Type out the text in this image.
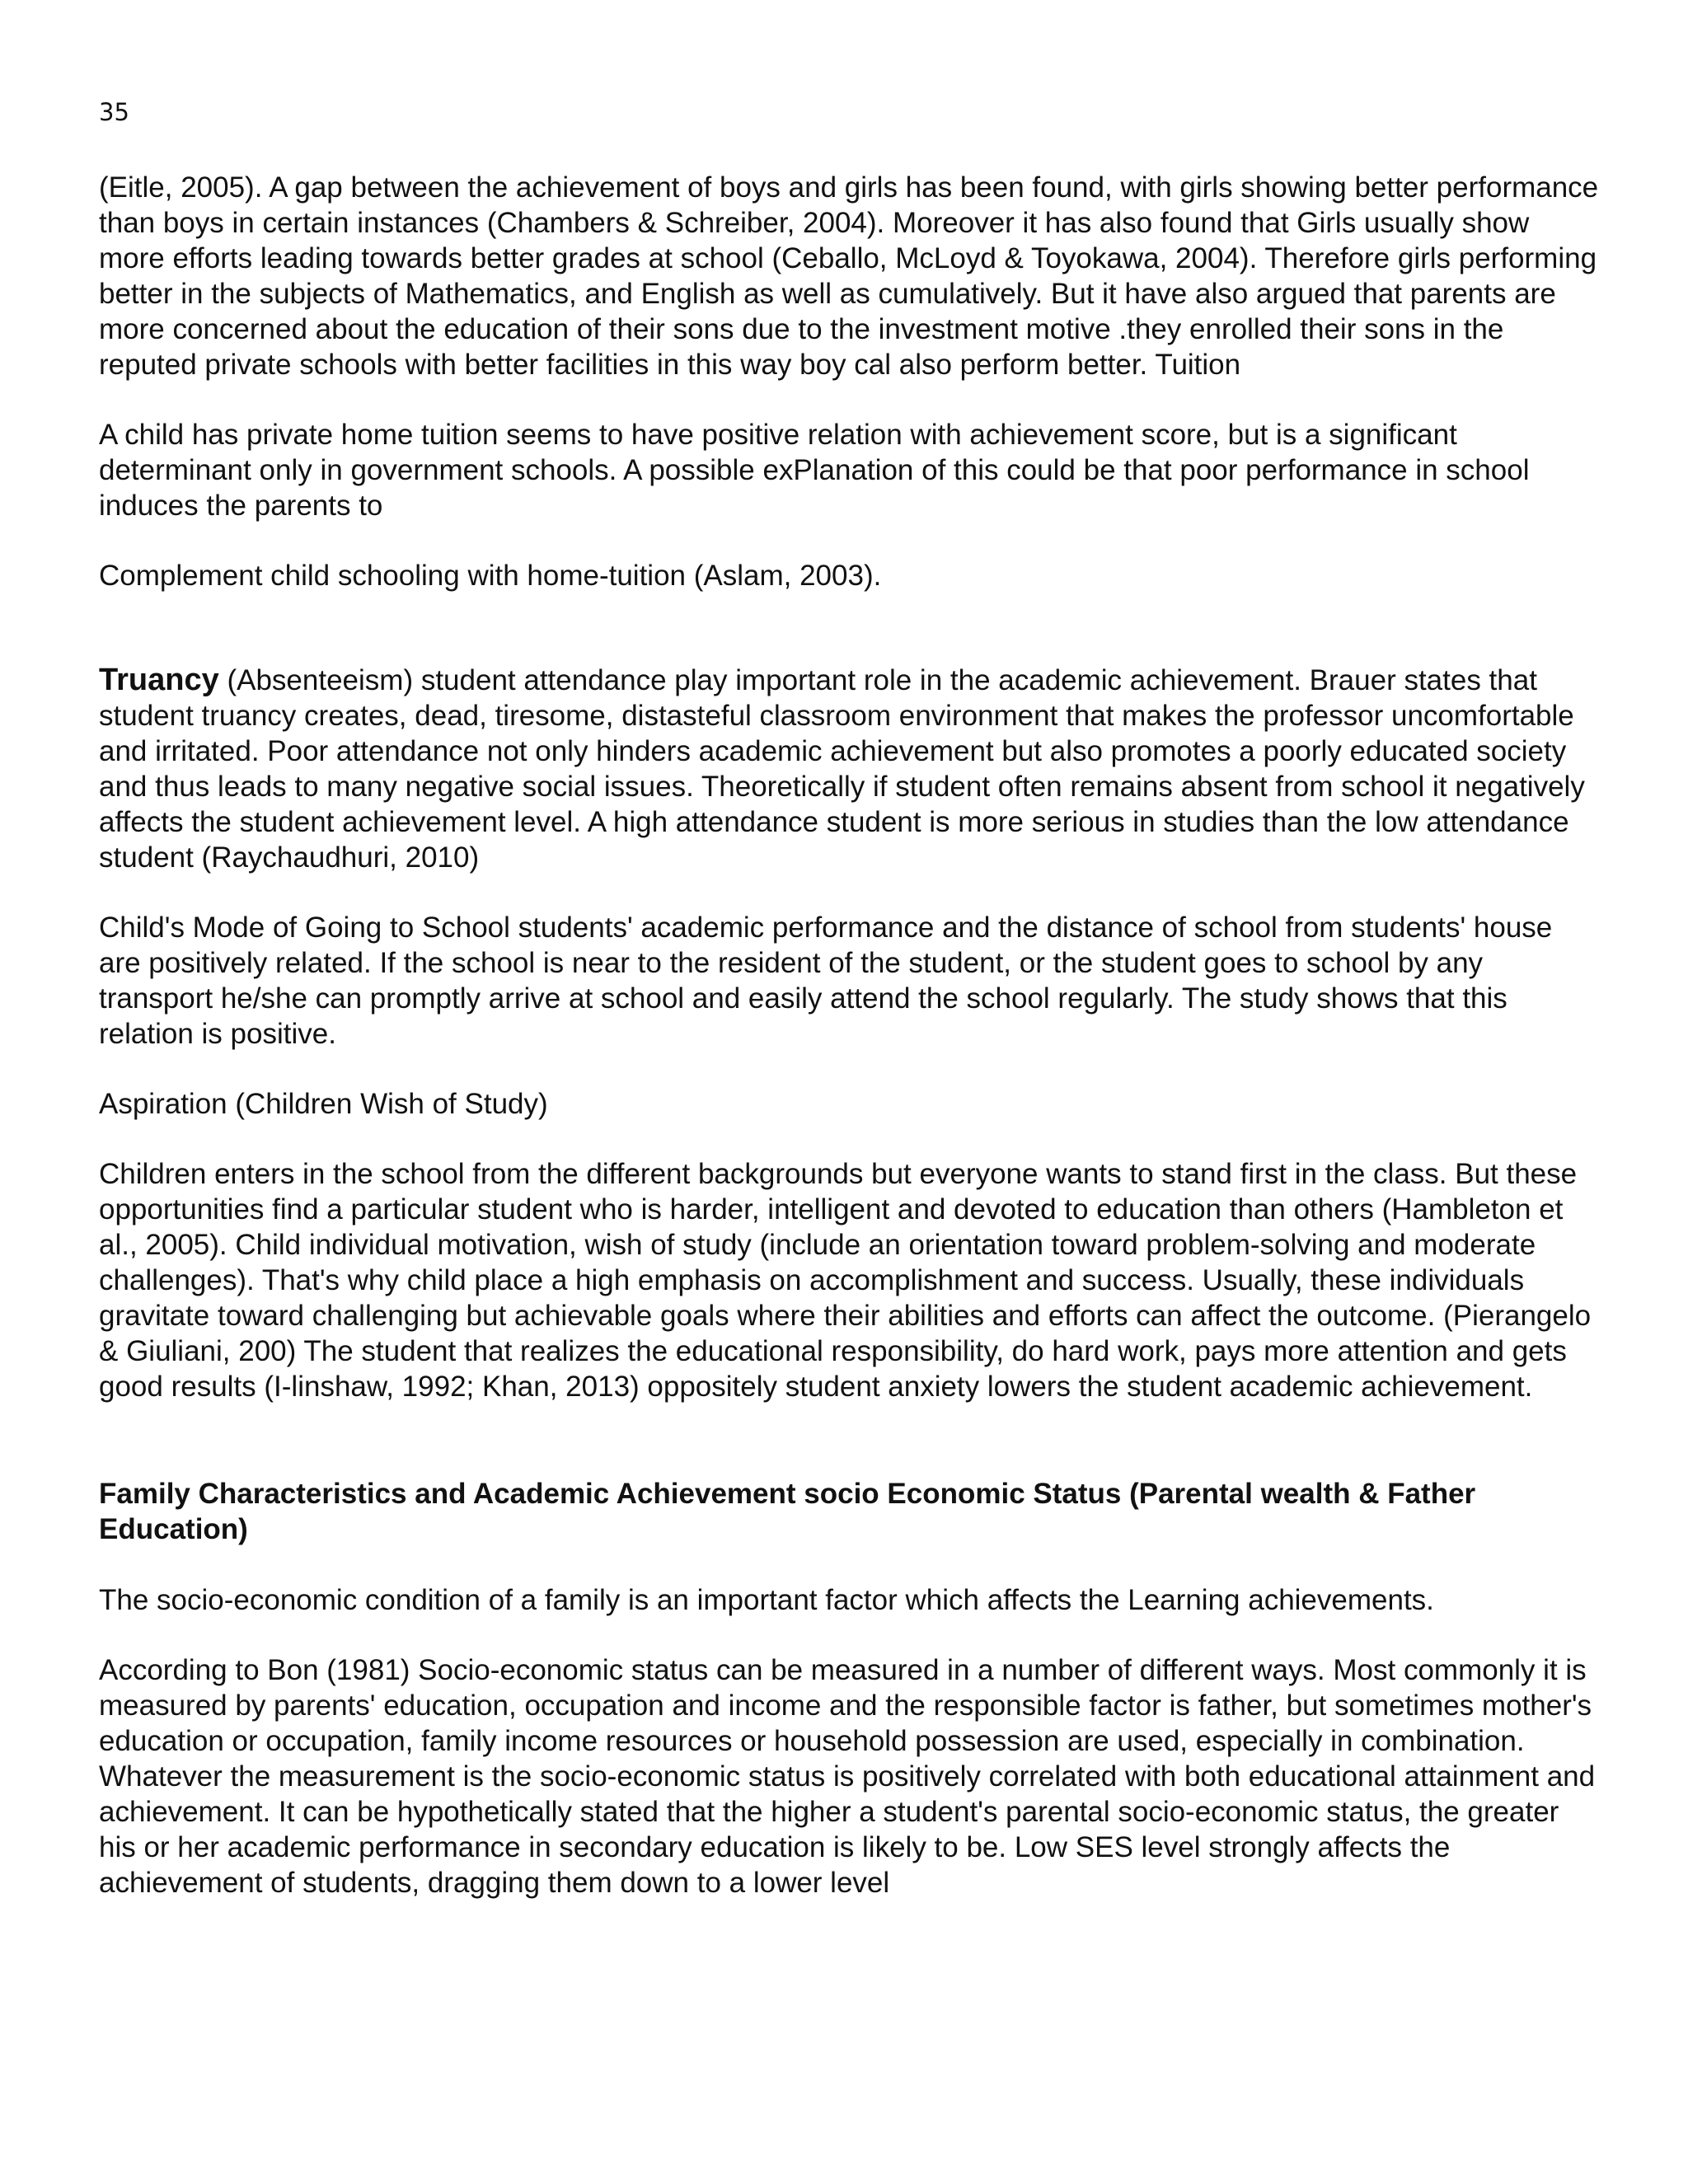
35

(Eitle, 2005). A gap between the achievement of boys and girls has been found, with girls showing better performance than boys in certain instances (Chambers & Schreiber, 2004). Moreover it has also found that Girls usually show more efforts leading towards better grades at school (Ceballo, McLoyd & Toyokawa, 2004). Therefore girls performing better in the subjects of Mathematics, and English as well as cumulatively. But it have also argued that parents are more concerned about the education of their sons due to the investment motive .they enrolled their sons in the reputed private schools with better facilities in this way boy cal also perform better. Tuition

A child has private home tuition seems to have positive relation with achievement score, but is a significant determinant only in government schools. A possible exPlanation of this could be that poor performance in school induces the parents to

Complement child schooling with home-tuition (Aslam, 2003).

Truancy (Absenteeism) student attendance play important role in the academic achievement. Brauer states that student truancy creates, dead, tiresome, distasteful classroom environment that makes the professor uncomfortable and irritated. Poor attendance not only hinders academic achievement but also promotes a poorly educated society and thus leads to many negative social issues. Theoretically if student often remains absent from school it negatively affects the student achievement level. A high attendance student is more serious in studies than the low attendance student (Raychaudhuri, 2010)

Child's Mode of Going to School students' academic performance and the distance of school from students' house are positively related. If the school is near to the resident of the student, or the student goes to school by any transport he/she can promptly arrive at school and easily attend the school regularly. The study shows that this relation is positive.

Aspiration (Children Wish of Study)

Children enters in the school from the different backgrounds but everyone wants to stand first in the class. But these opportunities find a particular student who is harder, intelligent and devoted to education than others (Hambleton et al., 2005). Child individual motivation, wish of study (include an orientation toward problem-solving and moderate challenges). That's why child place a high emphasis on accomplishment and success. Usually, these individuals gravitate toward challenging but achievable goals where their abilities and efforts can affect the outcome. (Pierangelo & Giuliani, 200) The student that realizes the educational responsibility, do hard work, pays more attention and gets good results (I-linshaw, 1992; Khan, 2013) oppositely student anxiety lowers the student academic achievement.

Family Characteristics and Academic Achievement socio Economic Status (Parental wealth & Father Education)

The socio-economic condition of a family is an important factor which affects the Learning achievements.

According to Bon (1981) Socio-economic status can be measured in a number of different ways. Most commonly it is measured by parents' education, occupation and income and the responsible factor is father, but sometimes mother's education or occupation, family income resources or household possession are used, especially in combination. Whatever the measurement is the socio-economic status is positively correlated with both educational attainment and achievement. It can be hypothetically stated that the higher a student's parental socio-economic status, the greater his or her academic performance in secondary education is likely to be. Low SES level strongly affects the achievement of students, dragging them down to a lower level
